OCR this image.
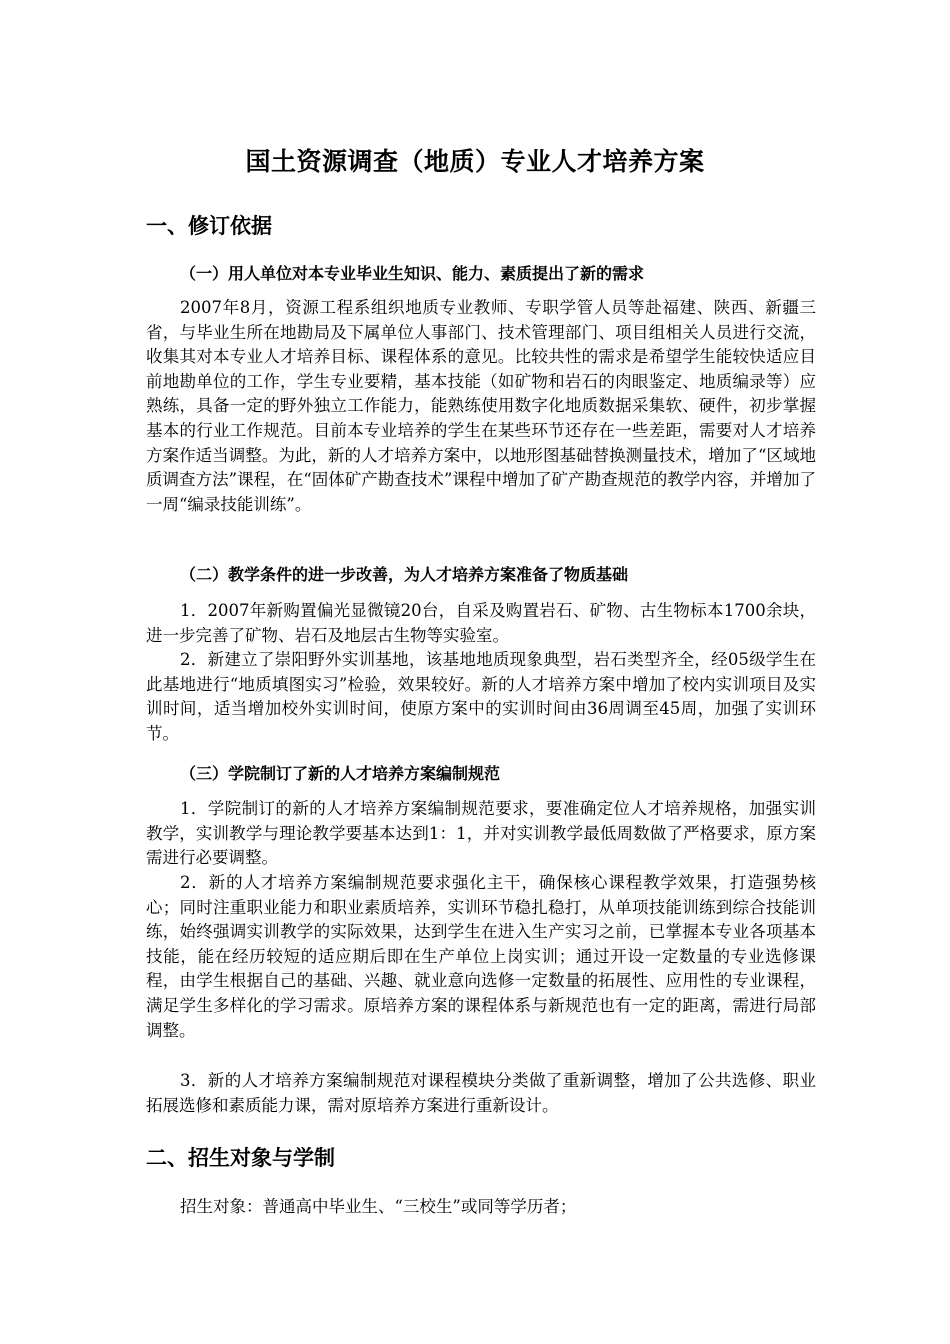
国土资源调查（地质）专业人才培养方案
一、修订依据
（一）用人单位对本专业毕业生知识、能力、素质提出了新的需求

2007年8月，资源工程系组织地质专业教师、专职学管人员等赴福建、陕西、新疆三省，与毕业生所在地勘局及下属单位人事部门、技术管理部门、项目组相关人员进行交流，收集其对本专业人才培养目标、课程体系的意见。比较共性的需求是希望学生能较快适应目前地勘单位的工作，学生专业要精，基本技能（如矿物和岩石的肉眼鉴定、地质编录等）应熟练，具备一定的野外独立工作能力，能熟练使用数字化地质数据采集软、硬件，初步掌握基本的行业工作规范。目前本专业培养的学生在某些环节还存在一些差距，需要对人才培养方案作适当调整。为此，新的人才培养方案中，以地形图基础替换测量技术，增加了“区域地质调查方法”课程，在“固体矿产勘查技术”课程中增加了矿产勘查规范的教学内容，并增加了一周“编录技能训练”。

（二）教学条件的进一步改善，为人才培养方案准备了物质基础

1．2007年新购置偏光显微镜20台，自采及购置岩石、矿物、古生物标本1700余块，进一步完善了矿物、岩石及地层古生物等实验室。

2．新建立了崇阳野外实训基地，该基地地质现象典型，岩石类型齐全，经05级学生在此基地进行“地质填图实习”检验，效果较好。新的人才培养方案中增加了校内实训项目及实训时间，适当增加校外实训时间，使原方案中的实训时间由36周调至45周，加强了实训环节。

（三）学院制订了新的人才培养方案编制规范

1．学院制订的新的人才培养方案编制规范要求，要准确定位人才培养规格，加强实训教学，实训教学与理论教学要基本达到1：1，并对实训教学最低周数做了严格要求，原方案需进行必要调整。

2．新的人才培养方案编制规范要求强化主干，确保核心课程教学效果，打造强势核心；同时注重职业能力和职业素质培养，实训环节稳扎稳打，从单项技能训练到综合技能训练，始终强调实训教学的实际效果，达到学生在进入生产实习之前，已掌握本专业各项基本技能，能在经历较短的适应期后即在生产单位上岗实训；通过开设一定数量的专业选修课程，由学生根据自己的基础、兴趣、就业意向选修一定数量的拓展性、应用性的专业课程，满足学生多样化的学习需求。原培养方案的课程体系与新规范也有一定的距离，需进行局部调整。

3．新的人才培养方案编制规范对课程模块分类做了重新调整，增加了公共选修、职业拓展选修和素质能力课，需对原培养方案进行重新设计。

二、招生对象与学制

招生对象：普通高中毕业生、“三校生”或同等学历者；
